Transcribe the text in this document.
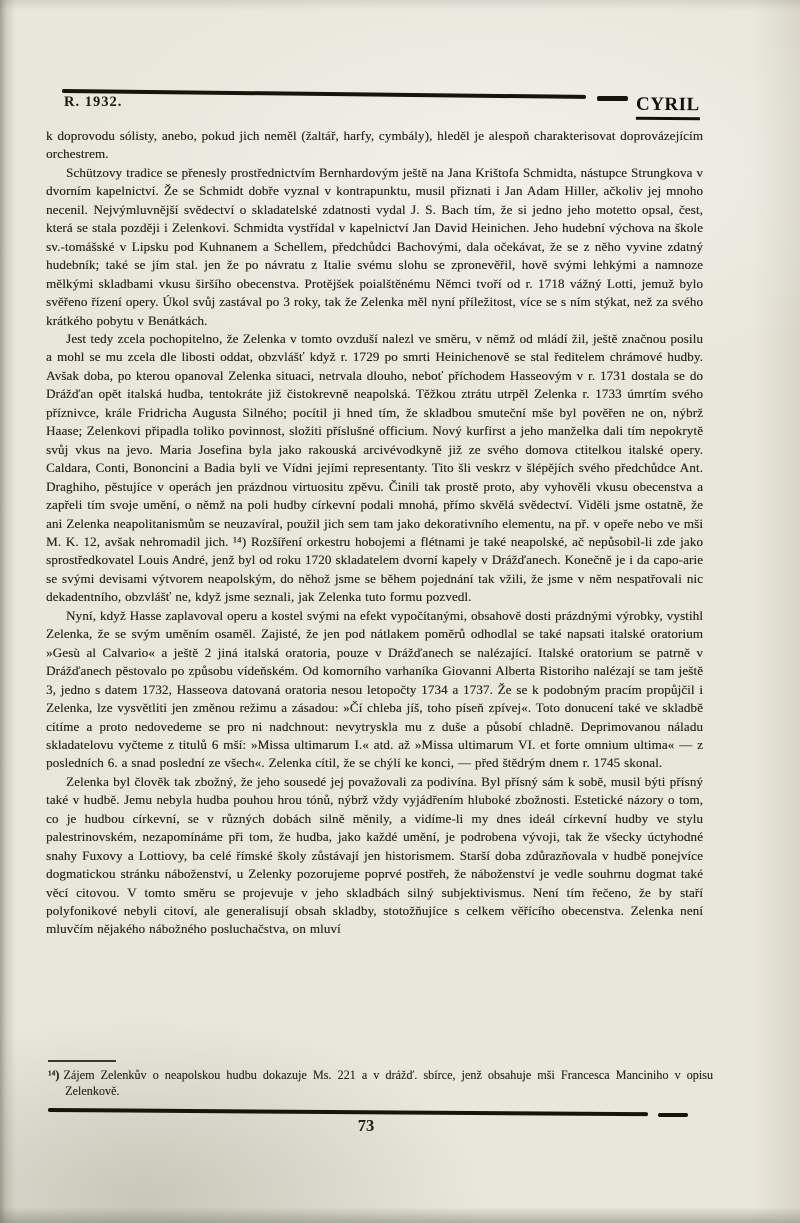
R. 1932.	CYRIL

k doprovodu sólisty, anebo, pokud jich neměl (žaltář, harfy, cymbály), hleděl je alespoň charakterisovat doprovázejícím orchestrem.

Schützovy tradice se přenesly prostřednictvím Bernhardovým ještě na Jana Krištofa Schmidta, nástupce Strungkova v dvorním kapelnictví. Že se Schmidt dobře vyznal v kontrapunktu, musil přiznati i Jan Adam Hiller, ačkoliv jej mnoho necenil. Nejvýmluvnější svědectví o skladatelské zdatnosti vydal J. S. Bach tím, že si jedno jeho motetto opsal, čest, která se stala později i Zelenkovi. Schmidta vystřídal v kapelnictví Jan David Heinichen. Jeho hudební výchova na škole sv.-tomášské v Lipsku pod Kuhnanem a Schellem, předchůdci Bachovými, dala očekávat, že se z něho vyvine zdatný hudebník; také se jím stal. jen že po návratu z Italie svému slohu se zpronevěřil, hově svými lehkými a namnoze mělkými skladbami vkusu širšího obecenstva. Protějšek poialštěnému Němci tvoří od r. 1718 vážný Lotti, jemuž bylo svěřeno řízení opery. Úkol svůj zastával po 3 roky, tak že Zelenka měl nyní příležitost, více se s ním stýkat, než za svého krátkého pobytu v Benátkách.

Jest tedy zcela pochopitelno, že Zelenka v tomto ovzduší nalezl ve směru, v němž od mládí žil, ještě značnou posilu a mohl se mu zcela dle libosti oddat, obzvlášť když r. 1729 po smrti Heinichenově se stal ředitelem chrámové hudby. Avšak doba, po kterou opanoval Zelenka situaci, netrvala dlouho, neboť příchodem Hasseovým v r. 1731 dostala se do Drážďan opět italská hudba, tentokráte již čistokrevně neapolská. Těžkou ztrátu utrpěl Zelenka r. 1733 úmrtím svého příznivce, krále Fridricha Augusta Silného; pocítil ji hned tím, že skladbou smuteční mše byl pověřen ne on, nýbrž Haase; Zelenkovi připadla toliko povinnost, složiti příslušné officium. Nový kurfirst a jeho manželka dali tím nepokrytě svůj vkus na jevo. Maria Josefina byla jako rakouská arcivévodkyně již ze svého domova ctitelkou italské opery. Caldara, Conti, Bononcini a Badia byli ve Vídni jejími representanty. Tito šli veskrz v šlépějích svého předchůdce Ant. Draghiho, pěstujíce v operách jen prázdnou virtuositu zpěvu. Činili tak prostě proto, aby vyhověli vkusu obecenstva a zapřeli tím svoje umění, o němž na poli hudby církevní podali mnohá, přímo skvělá svědectví. Viděli jsme ostatně, že ani Zelenka neapolitanismům se neuzavíral, použil jich sem tam jako dekorativního elementu, na př. v opeře nebo ve mši M. K. 12, avšak nehromadil jich. ¹⁴) Rozšíření orkestru hobojemi a flétnami je také neapolské, ač nepůsobil-li zde jako sprostředkovatel Louis André, jenž byl od roku 1720 skladatelem dvorní kapely v Drážďanech. Konečně je i da capo-arie se svými devisami výtvorem neapolským, do něhož jsme se během pojednání tak vžili, že jsme v něm nespatřovali nic dekadentního, obzvlášť ne, když jsme seznali, jak Zelenka tuto formu pozvedl.

Nyní, když Hasse zaplavoval operu a kostel svými na efekt vypočítanými, obsahově dosti prázdnými výrobky, vystihl Zelenka, že se svým uměním osaměl. Zajisté, že jen pod nátlakem poměrů odhodlal se také napsati italské oratorium »Gesù al Calvario« a ještě 2 jiná italská oratoria, pouze v Drážďanech se nalézající. Italské oratorium se patrně v Drážďanech pěstovalo po způsobu vídeňském. Od komorního varhaníka Giovanni Alberta Ristoriho nalézají se tam ještě 3, jedno s datem 1732, Hasseova datovaná oratoria nesou letopočty 1734 a 1737. Že se k podobným pracím propůjčil i Zelenka, lze vysvětliti jen změnou režimu a zásadou: »Čí chleba jíš, toho píseň zpívej«. Toto donucení také ve skladbě cítíme a proto nedovedeme se pro ni nadchnout: nevytryskla mu z duše a působí chladně. Deprimovanou náladu skladatelovu vyčteme z titulů 6 mší: »Missa ultimarum I.« atd. až »Missa ultimarum VI. et forte omnium ultima« — z posledních 6. a snad poslední ze všech«. Zelenka cítil, že se chýlí ke konci, — před štědrým dnem r. 1745 skonal.

Zelenka byl člověk tak zbožný, že jeho sousedé jej považovali za podivína. Byl přísný sám k sobě, musil býti přísný také v hudbě. Jemu nebyla hudba pouhou hrou tónů, nýbrž vždy vyjádřením hluboké zbožnosti. Estetické názory o tom, co je hudbou církevní, se v různých dobách silně měnily, a vidíme-li my dnes ideál církevní hudby ve stylu palestrinovském, nezapomínáme při tom, že hudba, jako každé umění, je podrobena vývoji, tak že všecky úctyhodné snahy Fuxovy a Lottiovy, ba celé římské školy zůstávají jen historismem. Starší doba zdůrazňovala v hudbě ponejvíce dogmatickou stránku náboženství, u Zelenky pozorujeme poprvé postřeh, že náboženství je vedle souhrnu dogmat také věcí citovou. V tomto směru se projevuje v jeho skladbách silný subjektivismus. Není tím řečeno, že by staří polyfonikové nebyli citoví, ale generalisují obsah skladby, stotožňujíce s celkem věřícího obecenstva. Zelenka není mluvčím nějakého nábožného posluchačstva, on mluví

¹⁴) Zájem Zelenkův o neapolskou hudbu dokazuje Ms. 221 a v drážď. sbírce, jenž obsahuje mši Francesca Manciniho v opisu Zelenkově.
73
